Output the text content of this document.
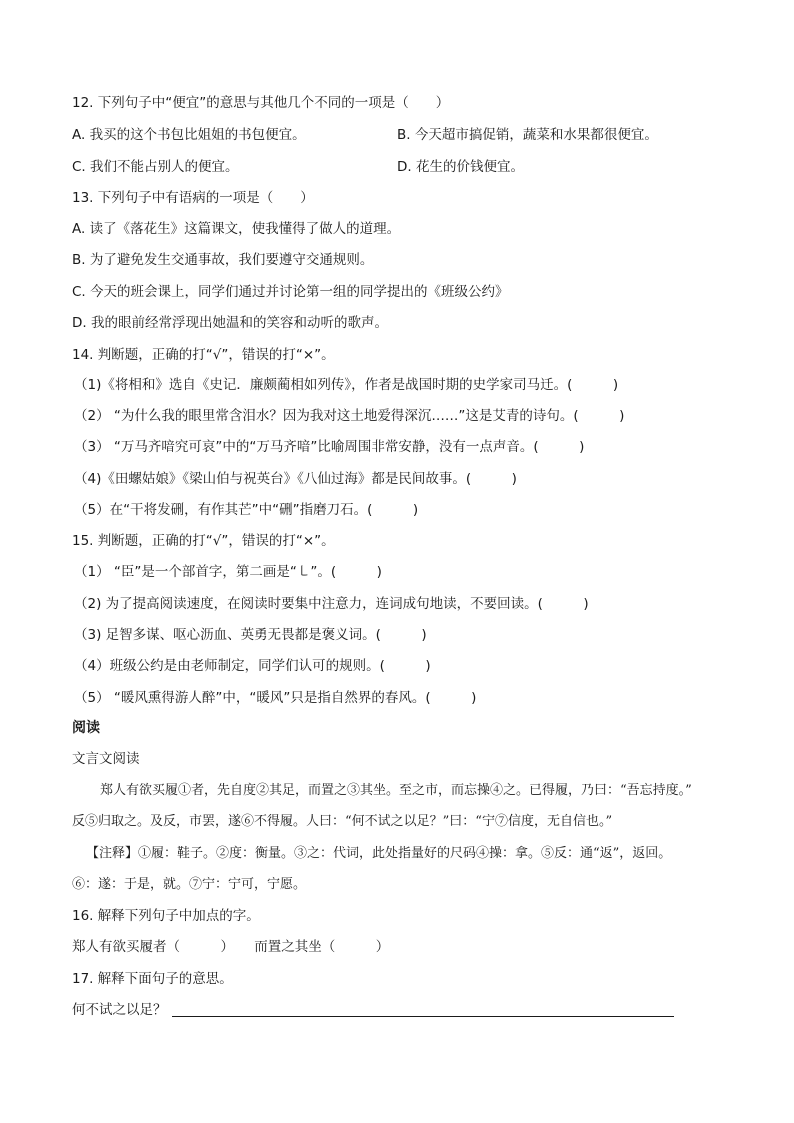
12. 下列句子中“便宜”的意思与其他几个不同的一项是（　　）
A. 我买的这个书包比姐姐的书包便宜。	B. 今天超市搞促销，蔬菜和水果都很便宜。
C. 我们不能占别人的便宜。	D. 花生的价钱便宜。
13. 下列句子中有语病的一项是（　　）
A. 读了《落花生》这篇课文，使我懂得了做人的道理。
B. 为了避免发生交通事故，我们要遵守交通规则。
C. 今天的班会课上，同学们通过并讨论第一组的同学提出的《班级公约》
D. 我的眼前经常浮现出她温和的笑容和动听的歌声。
14. 判断题，正确的打“√”，错误的打“×”。
（1)《将相和》选自《史记．廉颇蔺相如列传》，作者是战国时期的史学家司马迁。(　　　)
（2） “为什么我的眼里常含泪水？因为我对这土地爱得深沉……”这是艾青的诗句。(　　　)
（3） “万马齐喑究可哀”中的“万马齐喑”比喻周围非常安静，没有一点声音。(　　　)
（4)《田螺姑娘》《梁山伯与祝英台》《八仙过海》都是民间故事。(　　　)
（5）在“干将发硎，有作其芒”中“硎”指磨刀石。(　　　)
15. 判断题，正确的打“√”，错误的打“×”。
（1） “臣”是一个部首字，第二画是“㇄”。(　　　)
（2) 为了提高阅读速度，在阅读时要集中注意力，连词成句地读，不要回读。(　　　)
（3) 足智多谋、呕心沥血、英勇无畏都是褒义词。(　　　)
（4）班级公约是由老师制定，同学们认可的规则。(　　　)
（5） “暖风熏得游人醉”中，“暖风”只是指自然界的春风。(　　　)
阅读
文言文阅读
郑人有欲买履①者，先自度②其足，而置之③其坐。至之市，而忘操④之。已得履，乃曰：“吾忘持度。”
反⑤归取之。及反，市罢，遂⑥不得履。人曰：“何不试之以足？”曰：“宁⑦信度，无自信也。”
【注释】①履：鞋子。②度：衡量。③之：代词，此处指量好的尺码④操：拿。⑤反：通“返”，返回。
⑥：遂：于是，就。⑦宁：宁可，宁愿。
16. 解释下列句子中加点的字。
郑人有欲买履者（　　　）　　而置之其坐（　　　）
17. 解释下面句子的意思。
何不试之以足？
